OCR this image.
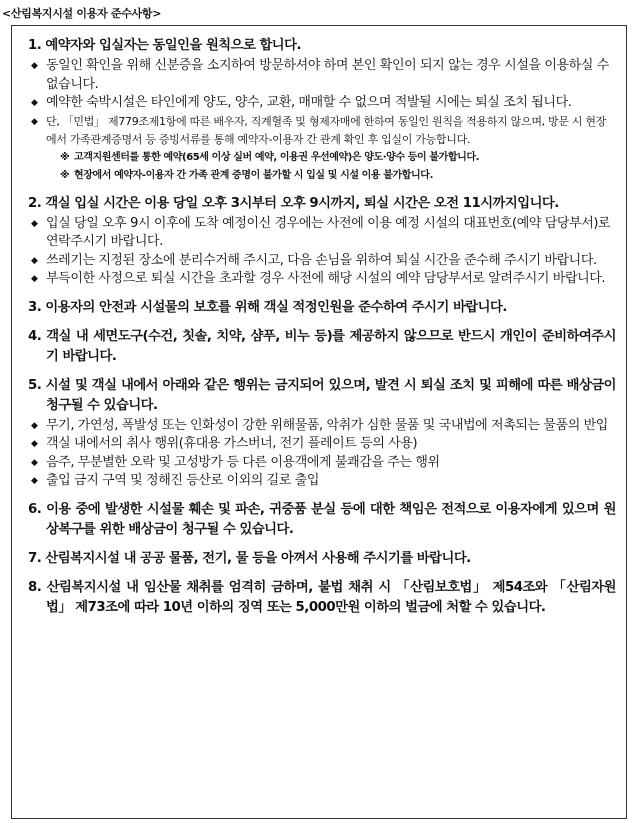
<산림복지시설 이용자 준수사항>
1. 예약자와 입실자는 동일인을 원칙으로 합니다.
◆ 동일인 확인을 위해 신분증을 소지하여 방문하셔야 하며 본인 확인이 되지 않는 경우 시설을 이용하실 수 없습니다.
◆ 예약한 숙박시설은 타인에게 양도, 양수, 교환, 매매할 수 없으며 적발될 시에는 퇴실 조치 됩니다.
◆ 단, 「민법」 제779조제1항에 따른 배우자, 직계혈족 및 형제자매에 한하여 동일인 원칙을 적용하지 않으며, 방문 시 현장에서 가족관계증명서 등 증빙서류를 통해 예약자-이용자 간 관계 확인 후 입실이 가능합니다.
※ 고객지원센터를 통한 예약(65세 이상 실버 예약, 이용권 우선예약)은 양도·양수 등이 불가합니다.
※ 현장에서 예약자-이용자 간 가족 관계 증명이 불가할 시 입실 및 시설 이용 불가합니다.
2. 객실 입실 시간은 이용 당일 오후 3시부터 오후 9시까지, 퇴실 시간은 오전 11시까지입니다.
◆ 입실 당일 오후 9시 이후에 도착 예정이신 경우에는 사전에 이용 예정 시설의 대표번호(예약 담당부서)로 연락주시기 바랍니다.
◆ 쓰레기는 지정된 장소에 분리수거해 주시고, 다음 손님을 위하여 퇴실 시간을 준수해 주시기 바랍니다.
◆ 부득이한 사정으로 퇴실 시간을 초과할 경우 사전에 해당 시설의 예약 담당부서로 알려주시기 바랍니다.
3. 이용자의 안전과 시설물의 보호를 위해 객실 적정인원을 준수하여 주시기 바랍니다.
4. 객실 내 세면도구(수건, 칫솔, 치약, 샴푸, 비누 등)를 제공하지 않으므로 반드시 개인이 준비하여주시기 바랍니다.
5. 시설 및 객실 내에서 아래와 같은 행위는 금지되어 있으며, 발견 시 퇴실 조치 및 피해에 따른 배상금이 청구될 수 있습니다.
◆ 무기, 가연성, 폭발성 또는 인화성이 강한 위해물품, 악취가 심한 물품 및 국내법에 저촉되는 물품의 반입
◆ 객실 내에서의 취사 행위(휴대용 가스버너, 전기 플레이트 등의 사용)
◆ 음주, 무분별한 오락 및 고성방가 등 다른 이용객에게 불쾌감을 주는 행위
◆ 출입 금지 구역 및 정해진 등산로 이외의 길로 출입
6. 이용 중에 발생한 시설물 훼손 및 파손, 귀중품 분실 등에 대한 책임은 전적으로 이용자에게 있으며 원상복구를 위한 배상금이 청구될 수 있습니다.
7. 산림복지시설 내 공공 물품, 전기, 물 등을 아껴서 사용해 주시기를 바랍니다.
8. 산림복지시설 내 임산물 채취를 엄격히 금하며, 불법 채취 시 「산림보호법」 제54조와 「산림자원법」 제73조에 따라 10년 이하의 징역 또는 5,000만원 이하의 벌금에 처할 수 있습니다.
